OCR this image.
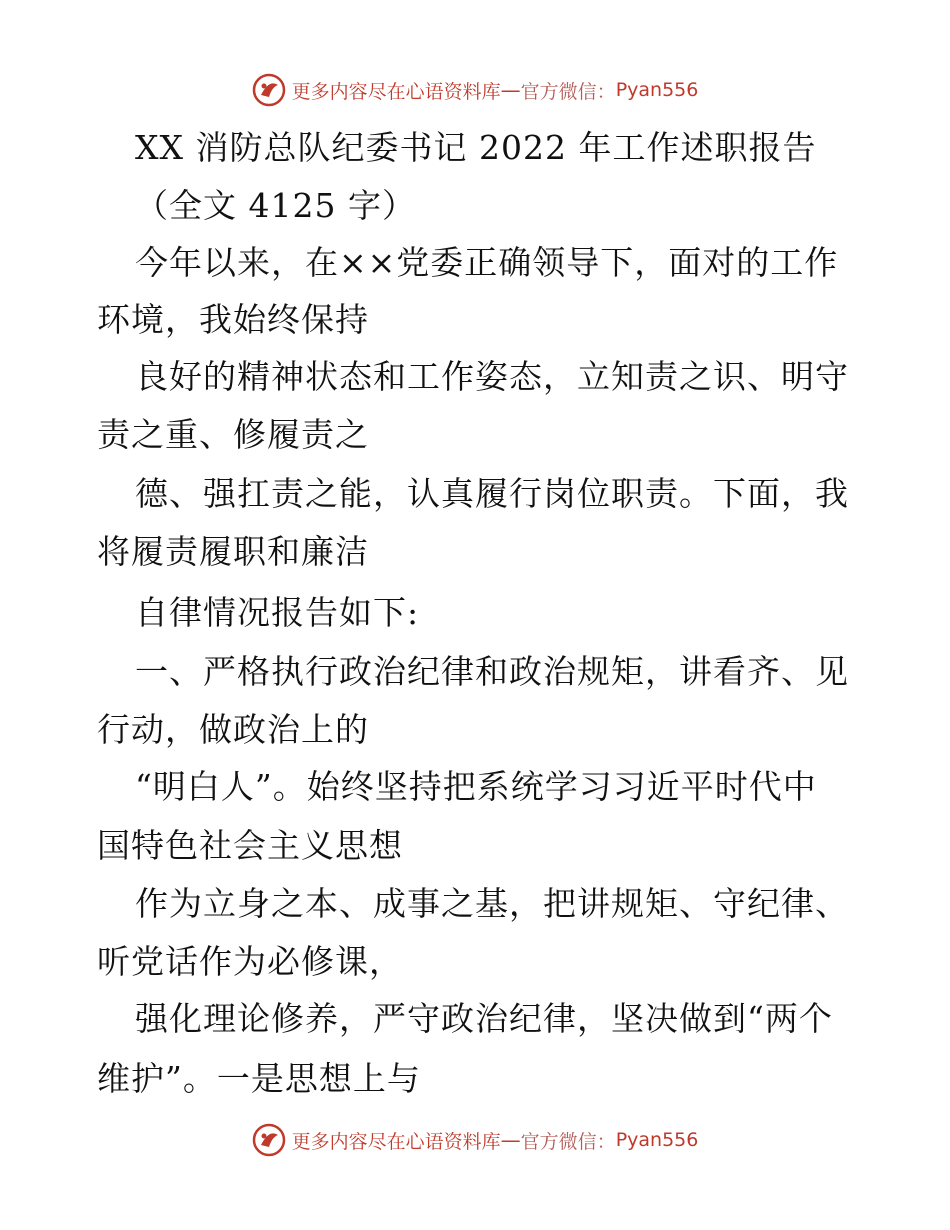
更多内容尽在心语资料库 — 官方微信： Pyan556
XX 消防总队纪委书记 2022 年工作述职报告
（全文 4125 字）
今年以来，在××党委正确领导下，面对的工作
环境，我始终保持
良好的精神状态和工作姿态，立知责之识、明守
责之重、修履责之
德、强扛责之能，认真履行岗位职责。下面，我
将履责履职和廉洁
自律情况报告如下:
一、严格执行政治纪律和政治规矩，讲看齐、见
行动，做政治上的
“明白人”。始终坚持把系统学习习近平时代中
国特色社会主义思想
作为立身之本、成事之基，把讲规矩、守纪律、
听党话作为必修课，
强化理论修养，严守政治纪律，坚决做到“两个
维护”。一是思想上与
更多内容尽在心语资料库 — 官方微信： Pyan556
